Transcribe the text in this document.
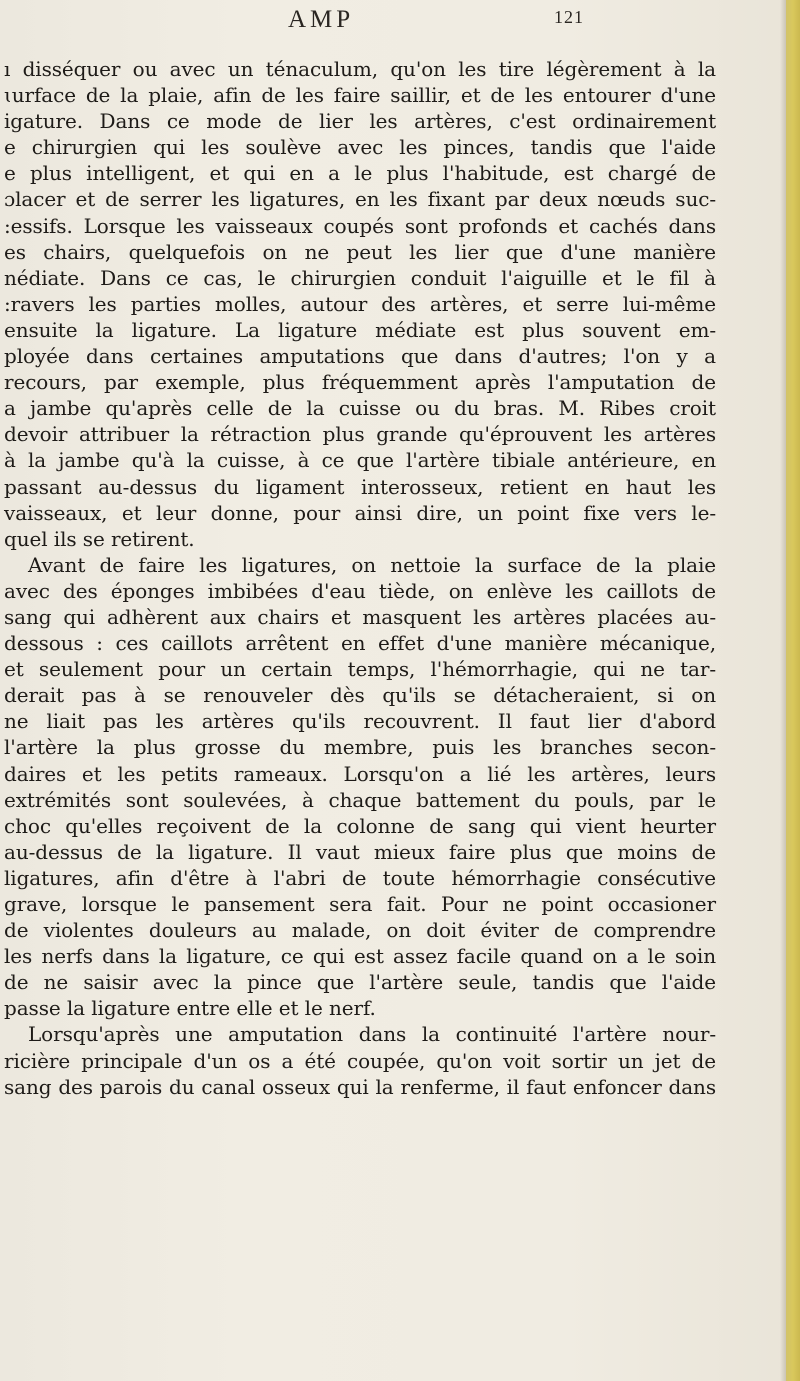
AMP	121
ı disséquer ou avec un ténaculum, qu'on les tire légèrement à la
ɩurface de la plaie, afin de les faire saillir, et de les entourer d'une
igature. Dans ce mode de lier les artères, c'est ordinairement
e chirurgien qui les soulève avec les pinces, tandis que l'aide
e plus intelligent, et qui en a le plus l'habitude, est chargé de
ɔlacer et de serrer les ligatures, en les fixant par deux nœuds suc-
:essifs. Lorsque les vaisseaux coupés sont profonds et cachés dans
es chairs, quelquefois on ne peut les lier que d'une manière
nédiate. Dans ce cas, le chirurgien conduit l'aiguille et le fil à
:ravers les parties molles, autour des artères, et serre lui-même
ensuite la ligature. La ligature médiate est plus souvent em-
ployée dans certaines amputations que dans d'autres; l'on y a
recours, par exemple, plus fréquemment après l'amputation de
a jambe qu'après celle de la cuisse ou du bras. M. Ribes croit
devoir attribuer la rétraction plus grande qu'éprouvent les artères
à la jambe qu'à la cuisse, à ce que l'artère tibiale antérieure, en
passant au-dessus du ligament interosseux, retient en haut les
vaisseaux, et leur donne, pour ainsi dire, un point fixe vers le-
quel ils se retirent.
Avant de faire les ligatures, on nettoie la surface de la plaie
avec des éponges imbibées d'eau tiède, on enlève les caillots de
sang qui adhèrent aux chairs et masquent les artères placées au-
dessous : ces caillots arrêtent en effet d'une manière mécanique,
et seulement pour un certain temps, l'hémorrhagie, qui ne tar-
derait pas à se renouveler dès qu'ils se détacheraient, si on
ne liait pas les artères qu'ils recouvrent. Il faut lier d'abord
l'artère la plus grosse du membre, puis les branches secon-
daires et les petits rameaux. Lorsqu'on a lié les artères, leurs
extrémités sont soulevées, à chaque battement du pouls, par le
choc qu'elles reçoivent de la colonne de sang qui vient heurter
au-dessus de la ligature. Il vaut mieux faire plus que moins de
ligatures, afin d'être à l'abri de toute hémorrhagie consécutive
grave, lorsque le pansement sera fait. Pour ne point occasioner
de violentes douleurs au malade, on doit éviter de comprendre
les nerfs dans la ligature, ce qui est assez facile quand on a le soin
de ne saisir avec la pince que l'artère seule, tandis que l'aide
passe la ligature entre elle et le nerf.
Lorsqu'après une amputation dans la continuité l'artère nour-
ricière principale d'un os a été coupée, qu'on voit sortir un jet de
sang des parois du canal osseux qui la renferme, il faut enfoncer dans
